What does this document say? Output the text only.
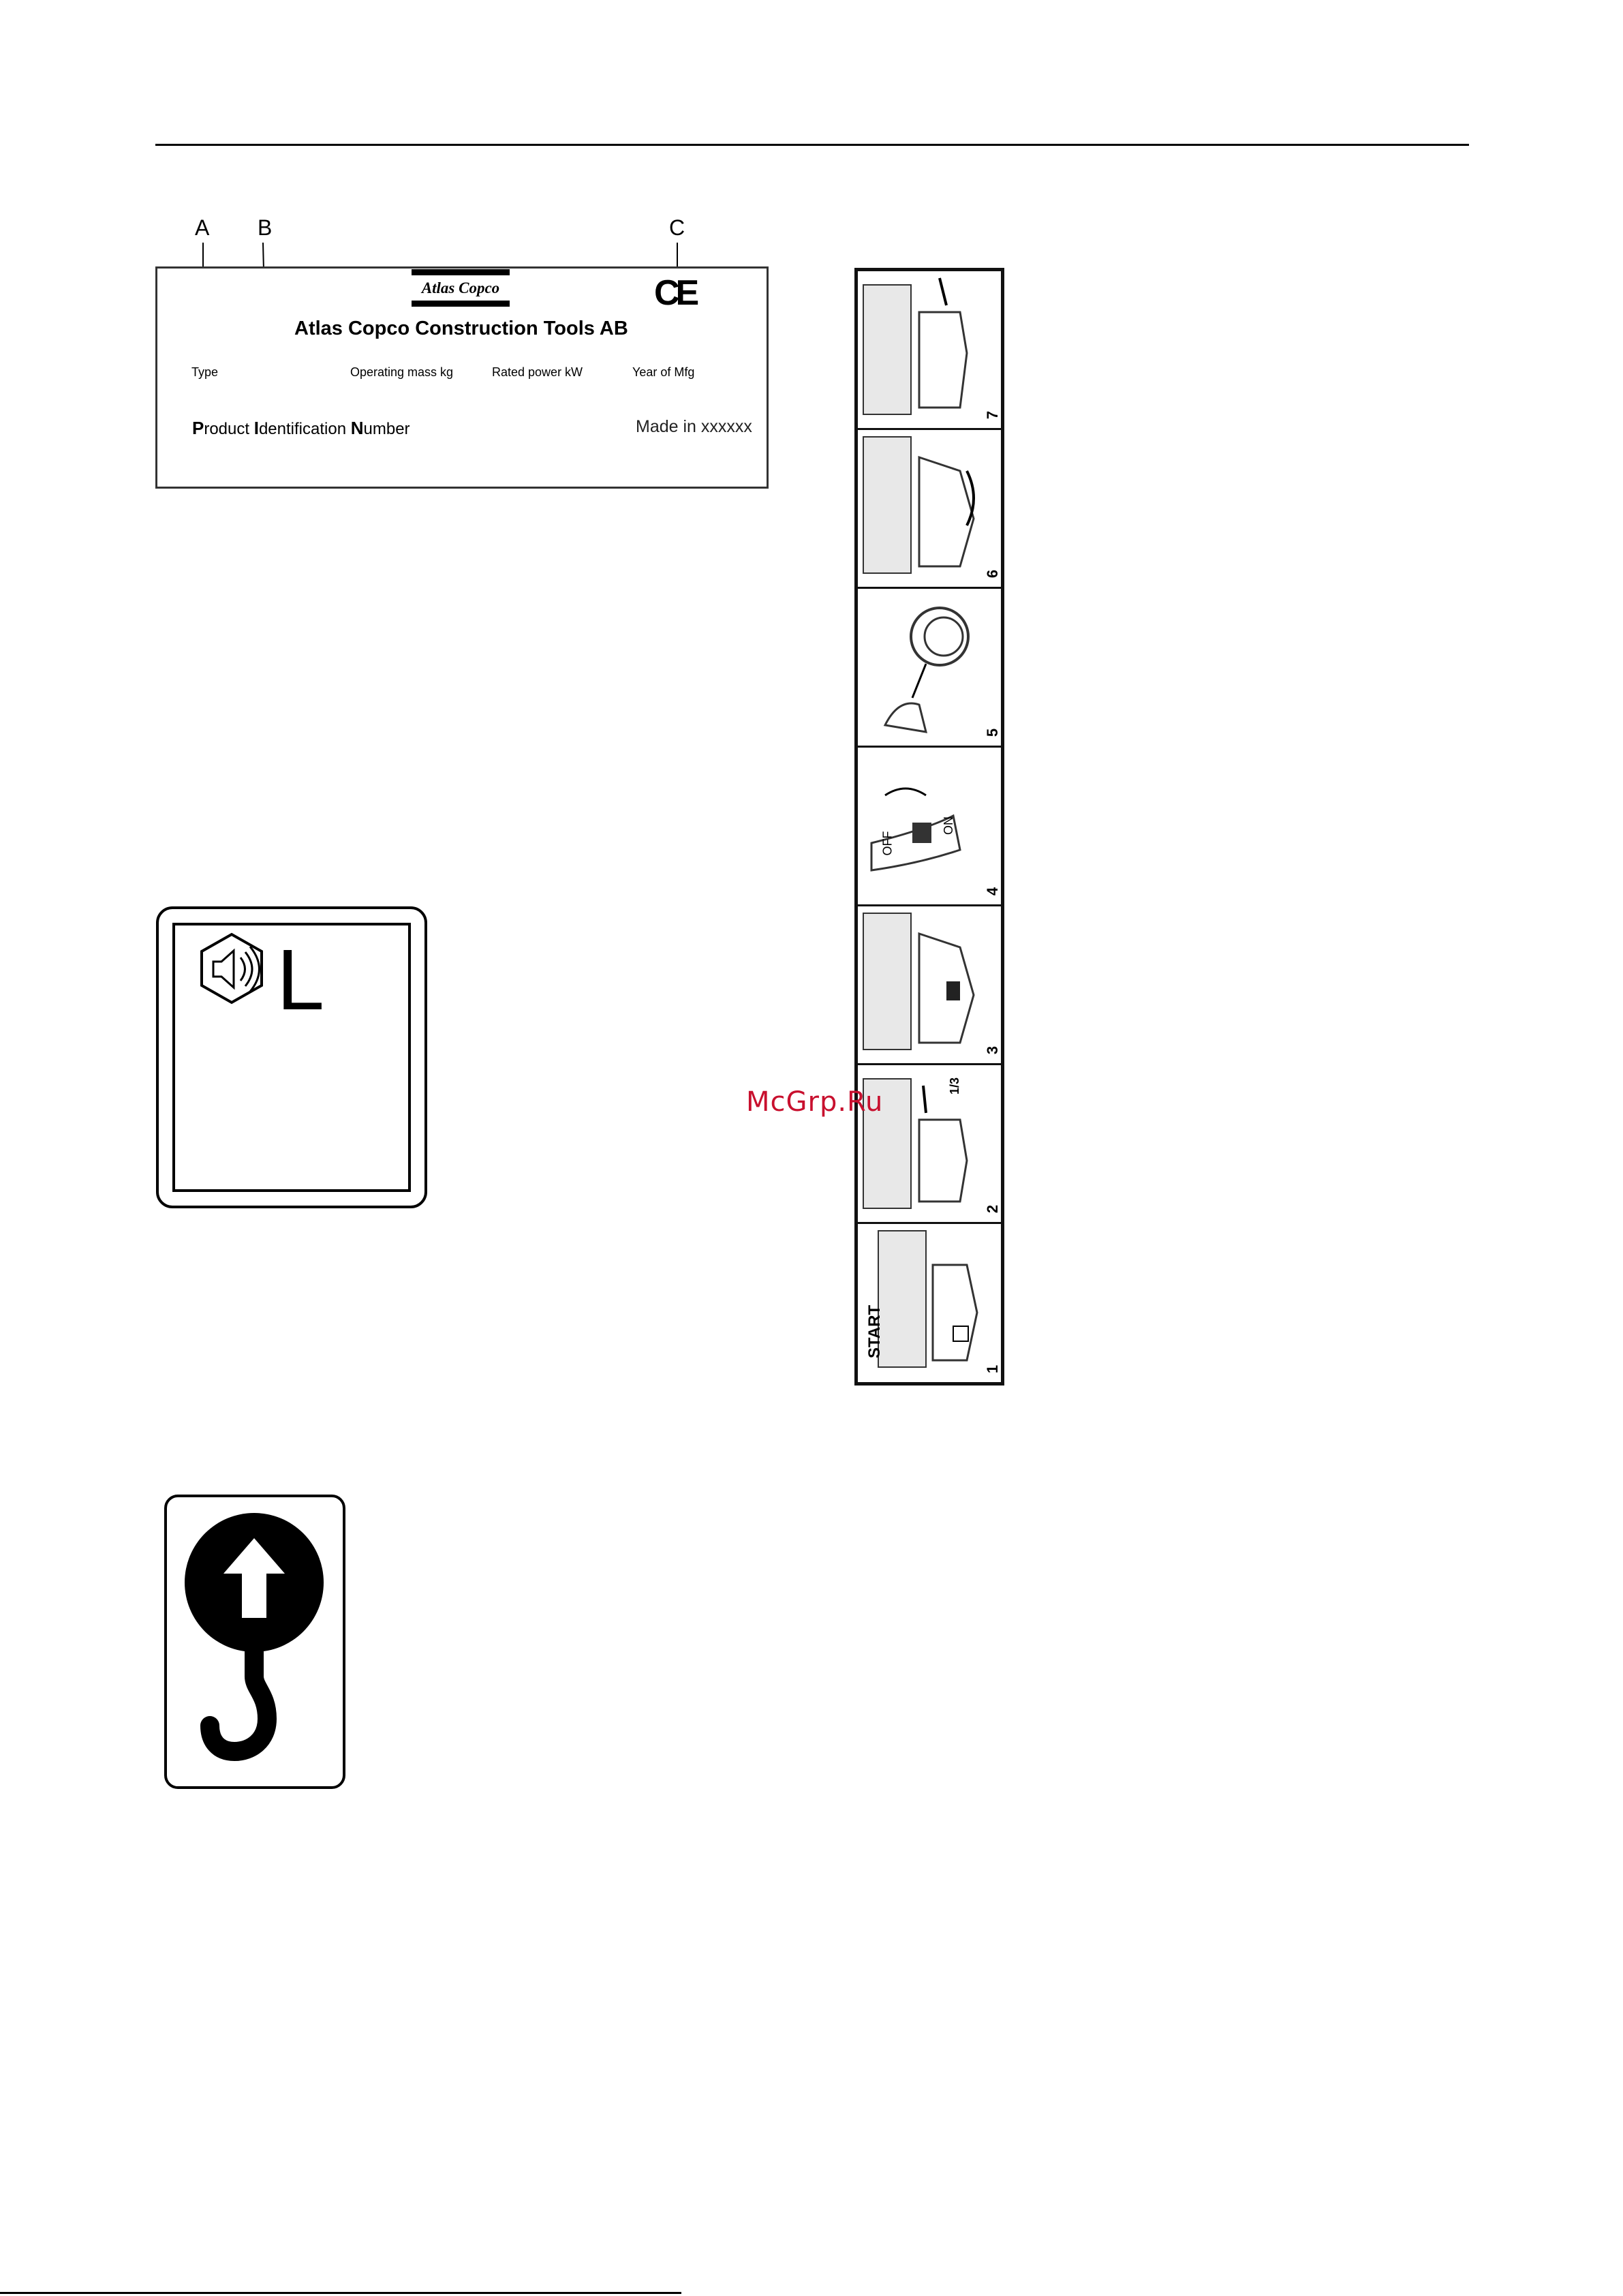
A B	C
Atlas Copco
Atlas Copco Construction Tools AB
CE
Type	Operating mass kg	Rated power kW	Year of Mfg
Product Identification Number	Made in xxxxxx
L
7
6
5
OFF
ON
4
3
1/3
2
START
1
McGrp.Ru
